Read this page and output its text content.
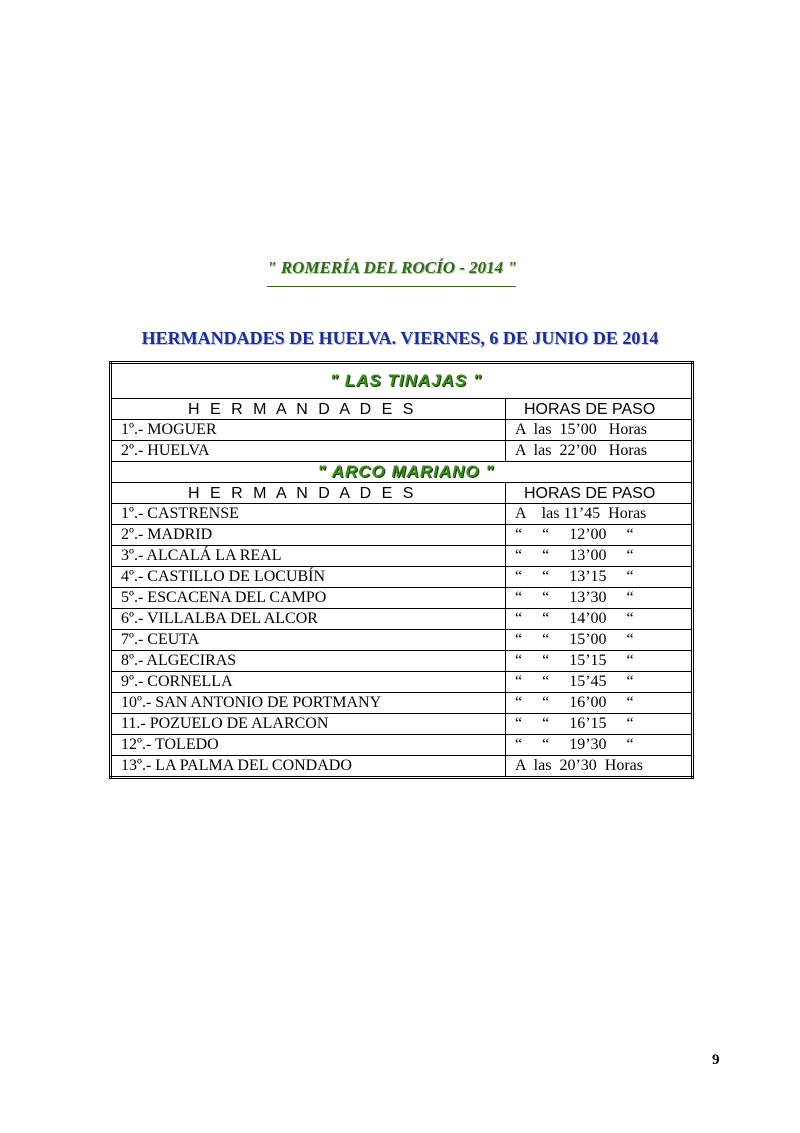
" ROMERÍA DEL ROCÍO - 2014 "
HERMANDADES DE HUELVA. VIERNES, 6 DE JUNIO DE 2014
" LAS TINAJAS "	
H E R M A N D A D E S	HORAS DE PASO
1º.- MOGUER	A  las  15’00   Horas
2º.- HUELVA	A  las  22’00   Horas
" ARCO MARIANO "	
H E R M A N D A D E S	HORAS DE PASO
1º.- CASTRENSE	A    las 11’45  Horas
2º.- MADRID	“     “     12’00     “
3º.- ALCALÁ LA REAL	“     “     13’00     “
4º.- CASTILLO DE LOCUBÍN	“     “     13’15     “
5º.- ESCACENA DEL CAMPO	“     “     13’30     “
6º.- VILLALBA DEL ALCOR	“     “     14’00     “
7º.- CEUTA	“     “     15’00     “
8º.- ALGECIRAS	“     “     15’15     “
9º.- CORNELLA	“     “     15’45     “
10º.- SAN ANTONIO DE PORTMANY	“     “     16’00     “
11.- POZUELO DE ALARCON	“     “     16’15     “
12º.- TOLEDO	“     “     19’30     “
13º.- LA PALMA DEL CONDADO	A  las  20’30  Horas
9
